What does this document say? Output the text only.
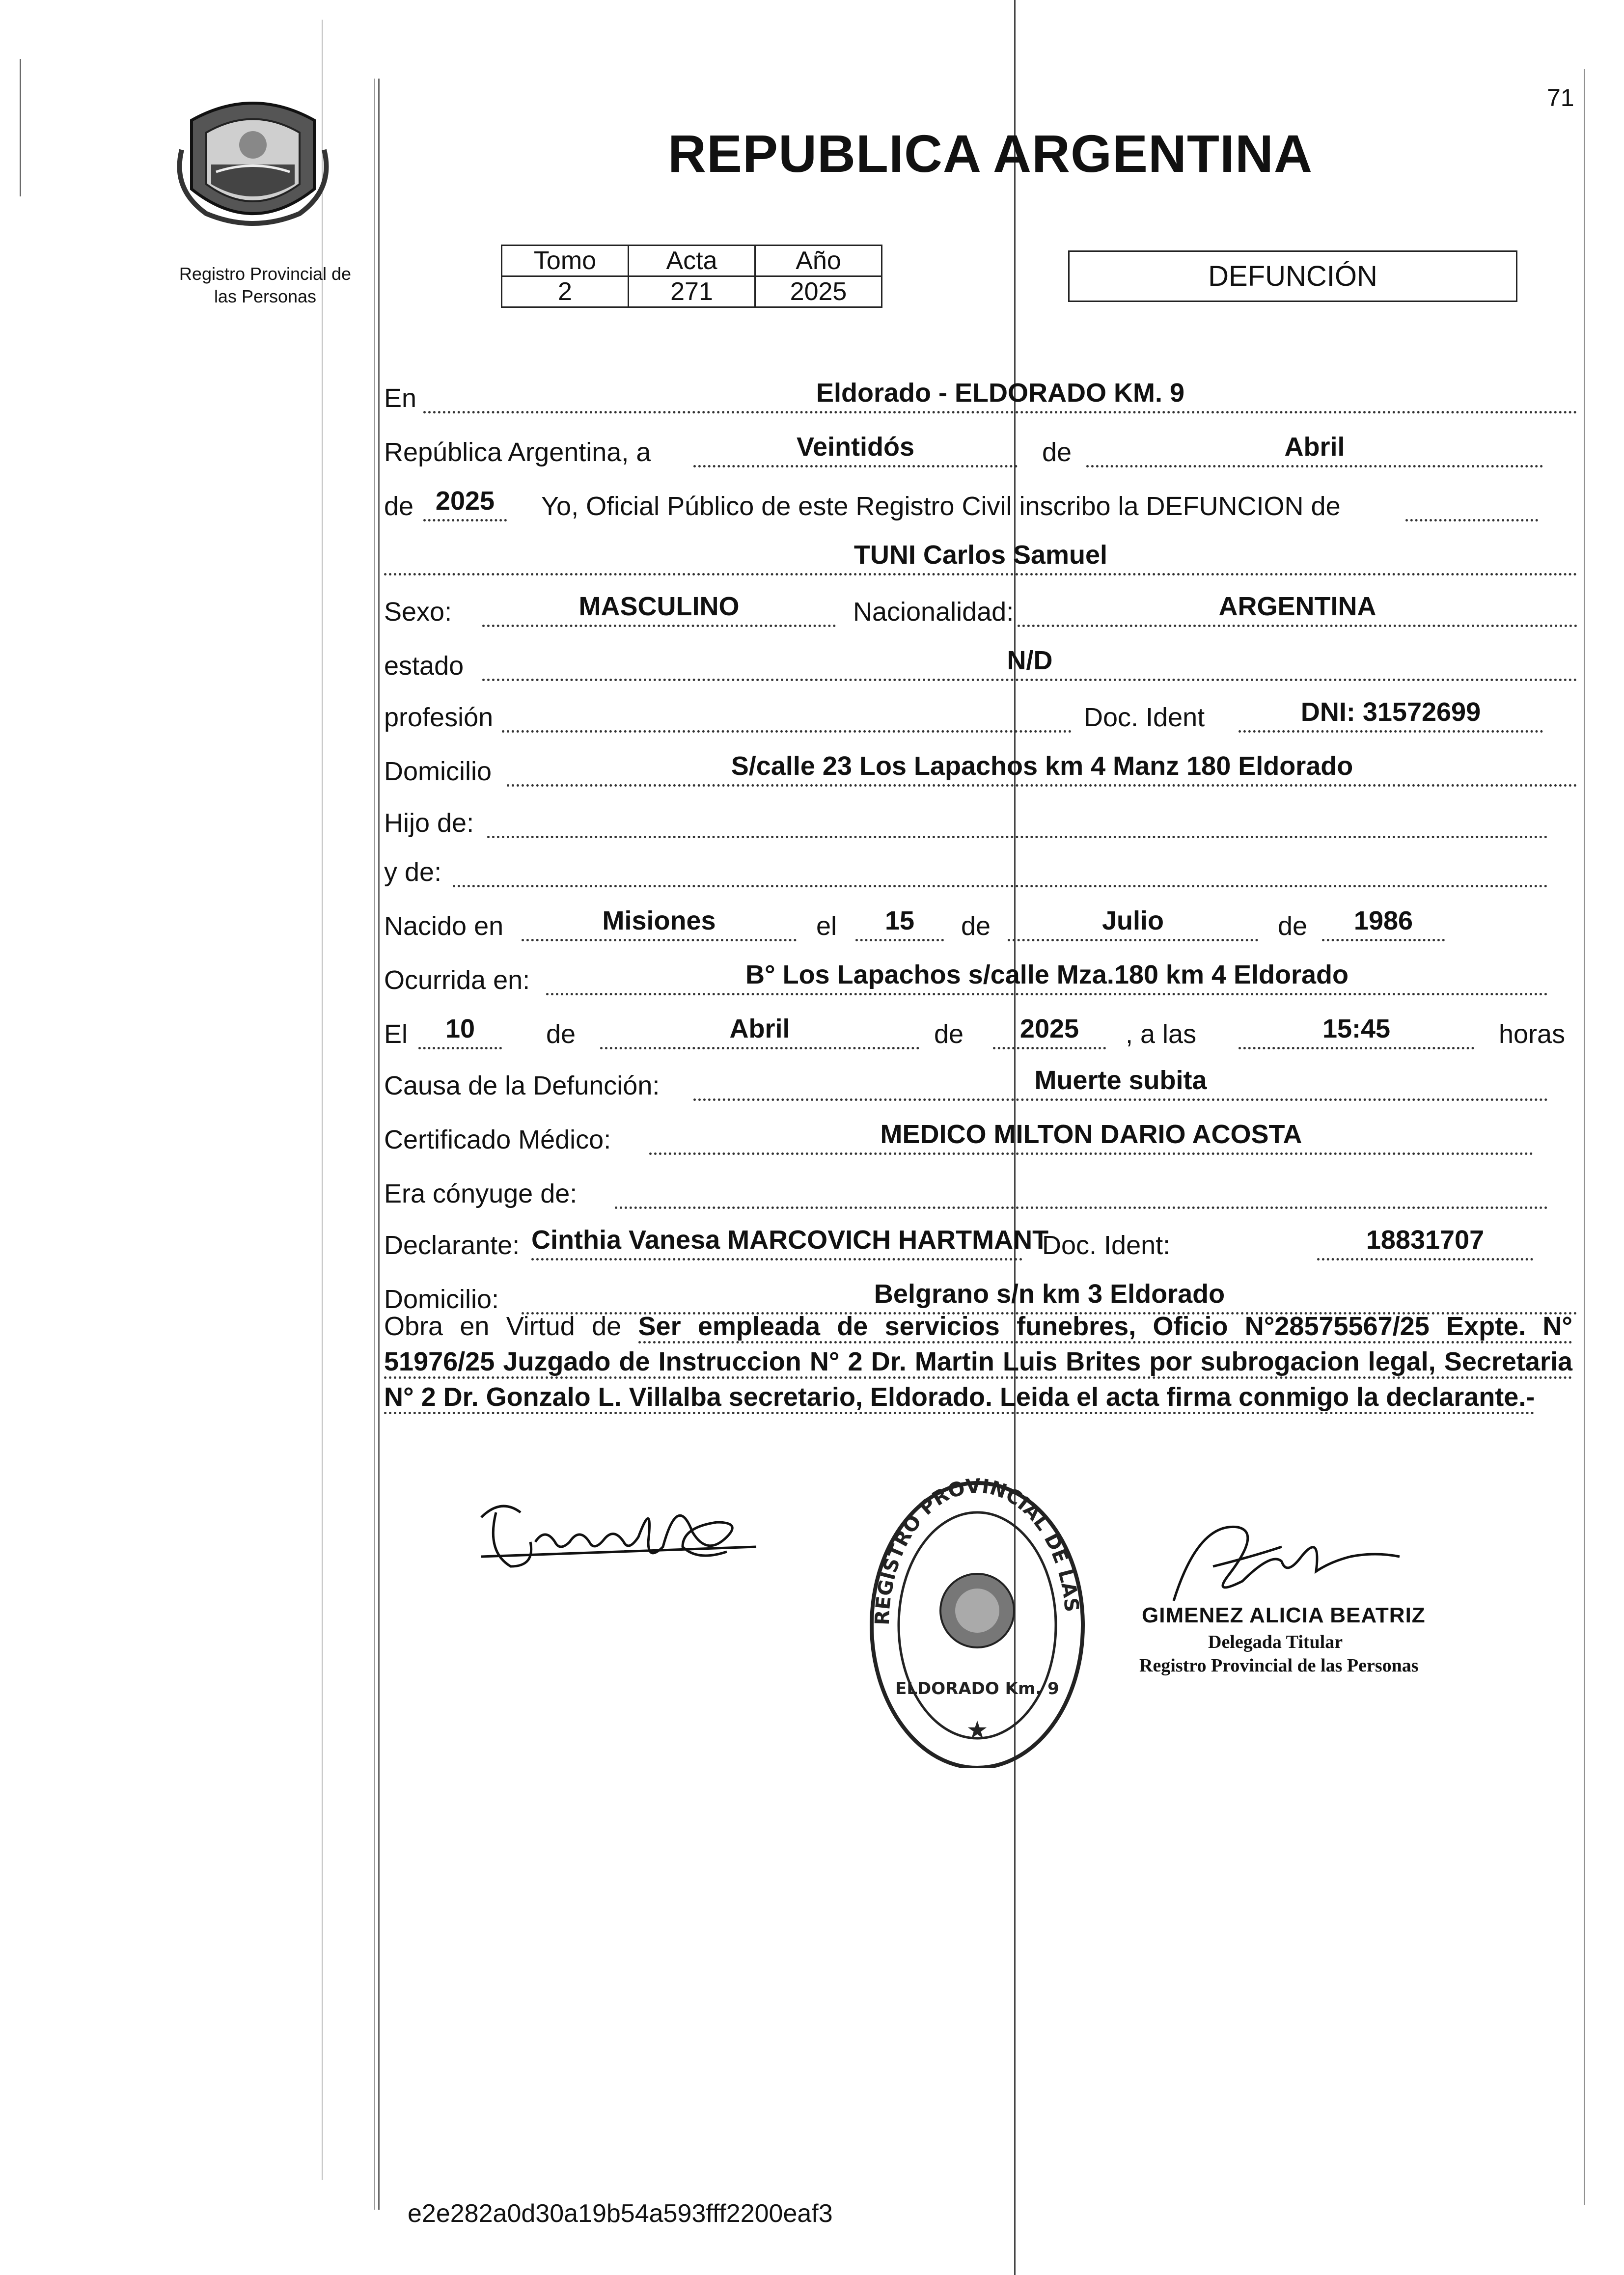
71
Registro Provincial de
las Personas
REPUBLICA ARGENTINA
Tomo	Acta	Año
2	271	2025	DEFUNCIÓN
En	Eldorado - ELDORADO KM. 9
República Argentina, a	Veintidós	de	Abril
de 2025	Yo, Oficial Público de este Registro Civil inscribo la DEFUNCION de
TUNI Carlos Samuel
Sexo:	MASCULINO	Nacionalidad:	ARGENTINA
estado	N/D
profesión	Doc. Ident	DNI: 31572699
Domicilio	S/calle 23 Los Lapachos km 4 Manz 180 Eldorado
Hijo de:
y de:
Nacido en	Misiones	el	15	de	Julio	de	1986
Ocurrida en:	B° Los Lapachos s/calle Mza.180 km 4 Eldorado
El	10	de	Abril	de	2025	, a las	15:45	horas
Causa de la Defunción:	Muerte subita
Certificado Médico:	MEDICO MILTON DARIO ACOSTA
Era cónyuge de:
Declarante: Cinthia Vanesa MARCOVICH HARTMANT
Doc. Ident:	18831707
Domicilio:	Belgrano s/n km 3 Eldorado
Obra en Virtud de Ser empleada de servicios funebres, Oficio N°28575567/25 Expte. N° 51976/25 Juzgado de Instruccion N° 2 Dr. Martin Luis Brites por subrogacion legal, Secretaria N° 2 Dr. Gonzalo L. Villalba secretario, Eldorado. Leida el acta firma conmigo la declarante.-
REGISTRO PROVINCIAL DE LAS
ELDORADO Km. 9
★
GIMENEZ ALICIA BEATRIZ
Delegada Titular
Registro Provincial de las Personas
e2e282a0d30a19b54a593fff2200eaf3
